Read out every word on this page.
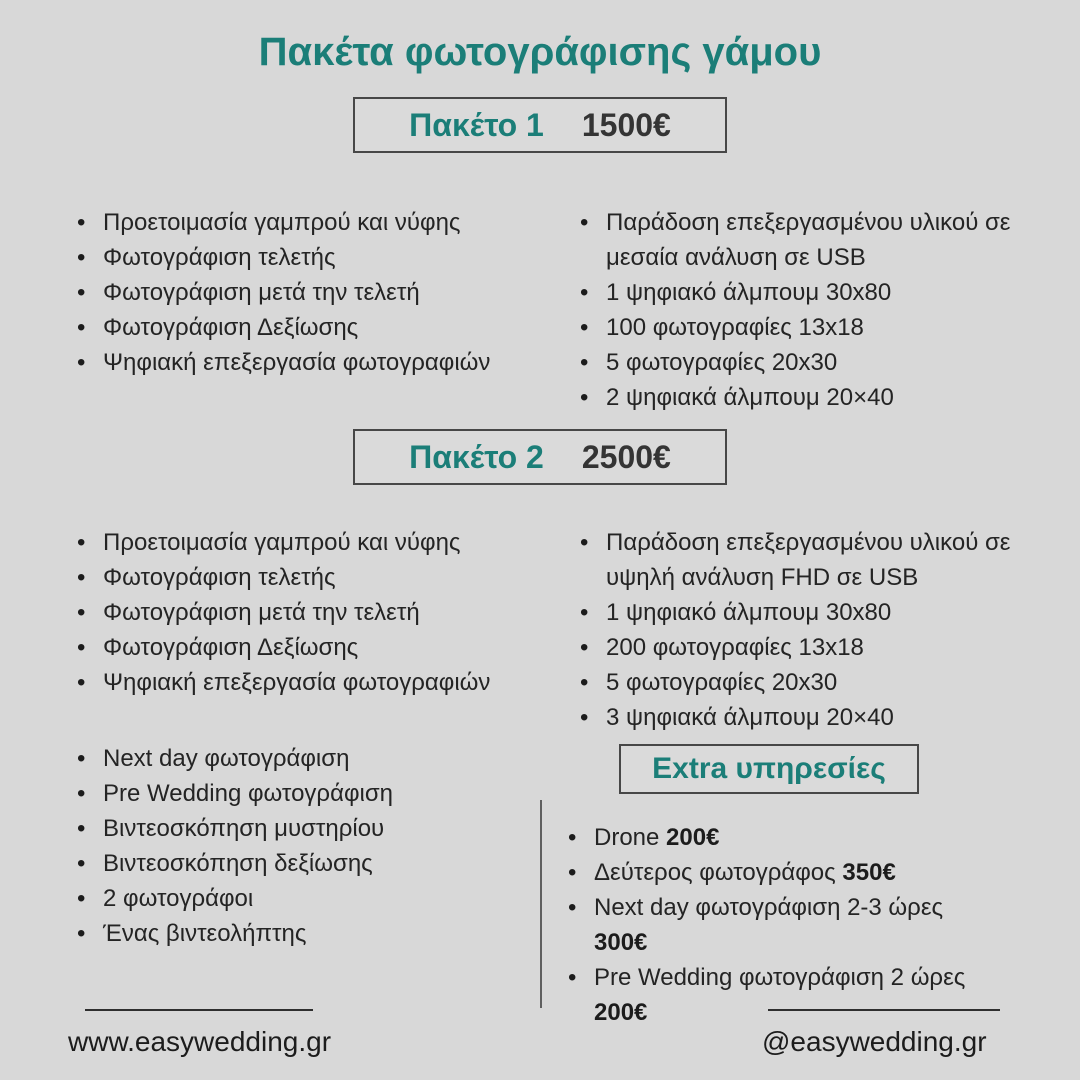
Πακέτα φωτογράφισης γάμου
Πακέτο 1 1500€
• Προετοιμασία γαμπρού και νύφης
• Φωτογράφιση τελετής
• Φωτογράφιση μετά την τελετή
• Φωτογράφιση Δεξίωσης
• Ψηφιακή επεξεργασία φωτογραφιών
• Παράδοση επεξεργασμένου υλικού σε μεσαία ανάλυση σε USB
• 1 ψηφιακό άλμπουμ 30x80
• 100 φωτογραφίες 13x18
• 5 φωτογραφίες 20x30
• 2 ψηφιακά άλμπουμ 20×40
Πακέτο 2 2500€
• Προετοιμασία γαμπρού και νύφης
• Φωτογράφιση τελετής
• Φωτογράφιση μετά την τελετή
• Φωτογράφιση Δεξίωσης
• Ψηφιακή επεξεργασία φωτογραφιών
• Παράδοση επεξεργασμένου υλικού σε υψηλή ανάλυση FHD σε USB
• 1 ψηφιακό άλμπουμ 30x80
• 200 φωτογραφίες 13x18
• 5 φωτογραφίες 20x30
• 3 ψηφιακά άλμπουμ 20×40
• Next day φωτογράφιση
• Pre Wedding φωτογράφιση
• Βιντεοσκόπηση μυστηρίου
• Βιντεοσκόπηση δεξίωσης
• 2 φωτογράφοι
• Ένας βιντεολήπτης
Extra υπηρεσίες
• Drone 200€
• Δεύτερος φωτογράφος 350€
• Next day φωτογράφιση 2-3 ώρες 300€
• Pre Wedding φωτογράφιση 2 ώρες 200€
www.easywedding.gr	@easywedding.gr
